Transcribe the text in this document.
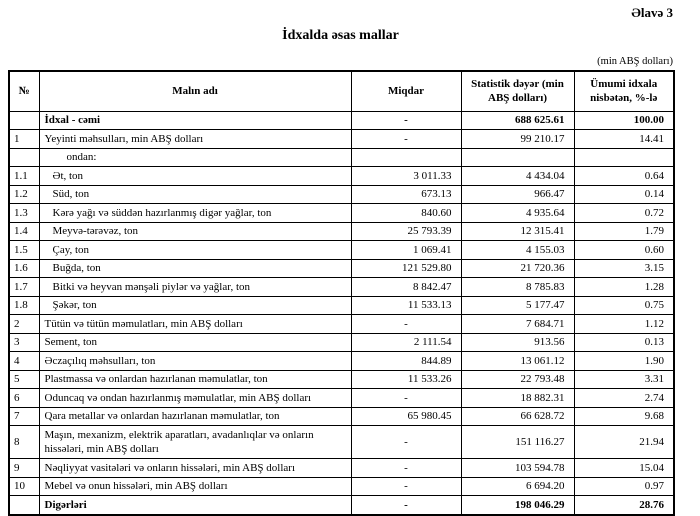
Əlavə 3
İdxalda əsas mallar
(min ABŞ dolları)
№	Malın adı	Miqdar	Statistik dəyər (min ABŞ dolları)	Ümumi idxala nisbətən, %-lə
	İdxal - cəmi	-	688 625.61	100.00
1	Yeyinti məhsulları, min ABŞ dolları	-	99 210.17	14.41
	ondan:			
1.1	Ət, ton	3 011.33	4 434.04	0.64
1.2	Süd, ton	673.13	966.47	0.14
1.3	Kərə yağı və süddən hazırlanmış digər yağlar, ton	840.60	4 935.64	0.72
1.4	Meyvə-tərəvəz, ton	25 793.39	12 315.41	1.79
1.5	Çay, ton	1 069.41	4 155.03	0.60
1.6	Buğda, ton	121 529.80	21 720.36	3.15
1.7	Bitki və heyvan mənşəli piylər və yağlar, ton	8 842.47	8 785.83	1.28
1.8	Şəkər, ton	11 533.13	5 177.47	0.75
2	Tütün və tütün məmulatları, min ABŞ dolları	-	7 684.71	1.12
3	Sement, ton	2 111.54	913.56	0.13
4	Əczaçılıq məhsulları, ton	844.89	13 061.12	1.90
5	Plastmassa və onlardan hazırlanan məmulatlar, ton	11 533.26	22 793.48	3.31
6	Oduncaq və ondan hazırlanmış məmulatlar, min ABŞ dolları	-	18 882.31	2.74
7	Qara metallar və onlardan hazırlanan məmulatlar, ton	65 980.45	66 628.72	9.68
8	Maşın, mexanizm, elektrik aparatları, avadanlıqlar və onların hissələri, min ABŞ dolları	-	151 116.27	21.94
9	Nəqliyyat vasitələri və onların hissələri, min ABŞ dolları	-	103 594.78	15.04
10	Mebel və onun hissələri, min ABŞ dolları	-	6 694.20	0.97
	Digərləri	-	198 046.29	28.76
